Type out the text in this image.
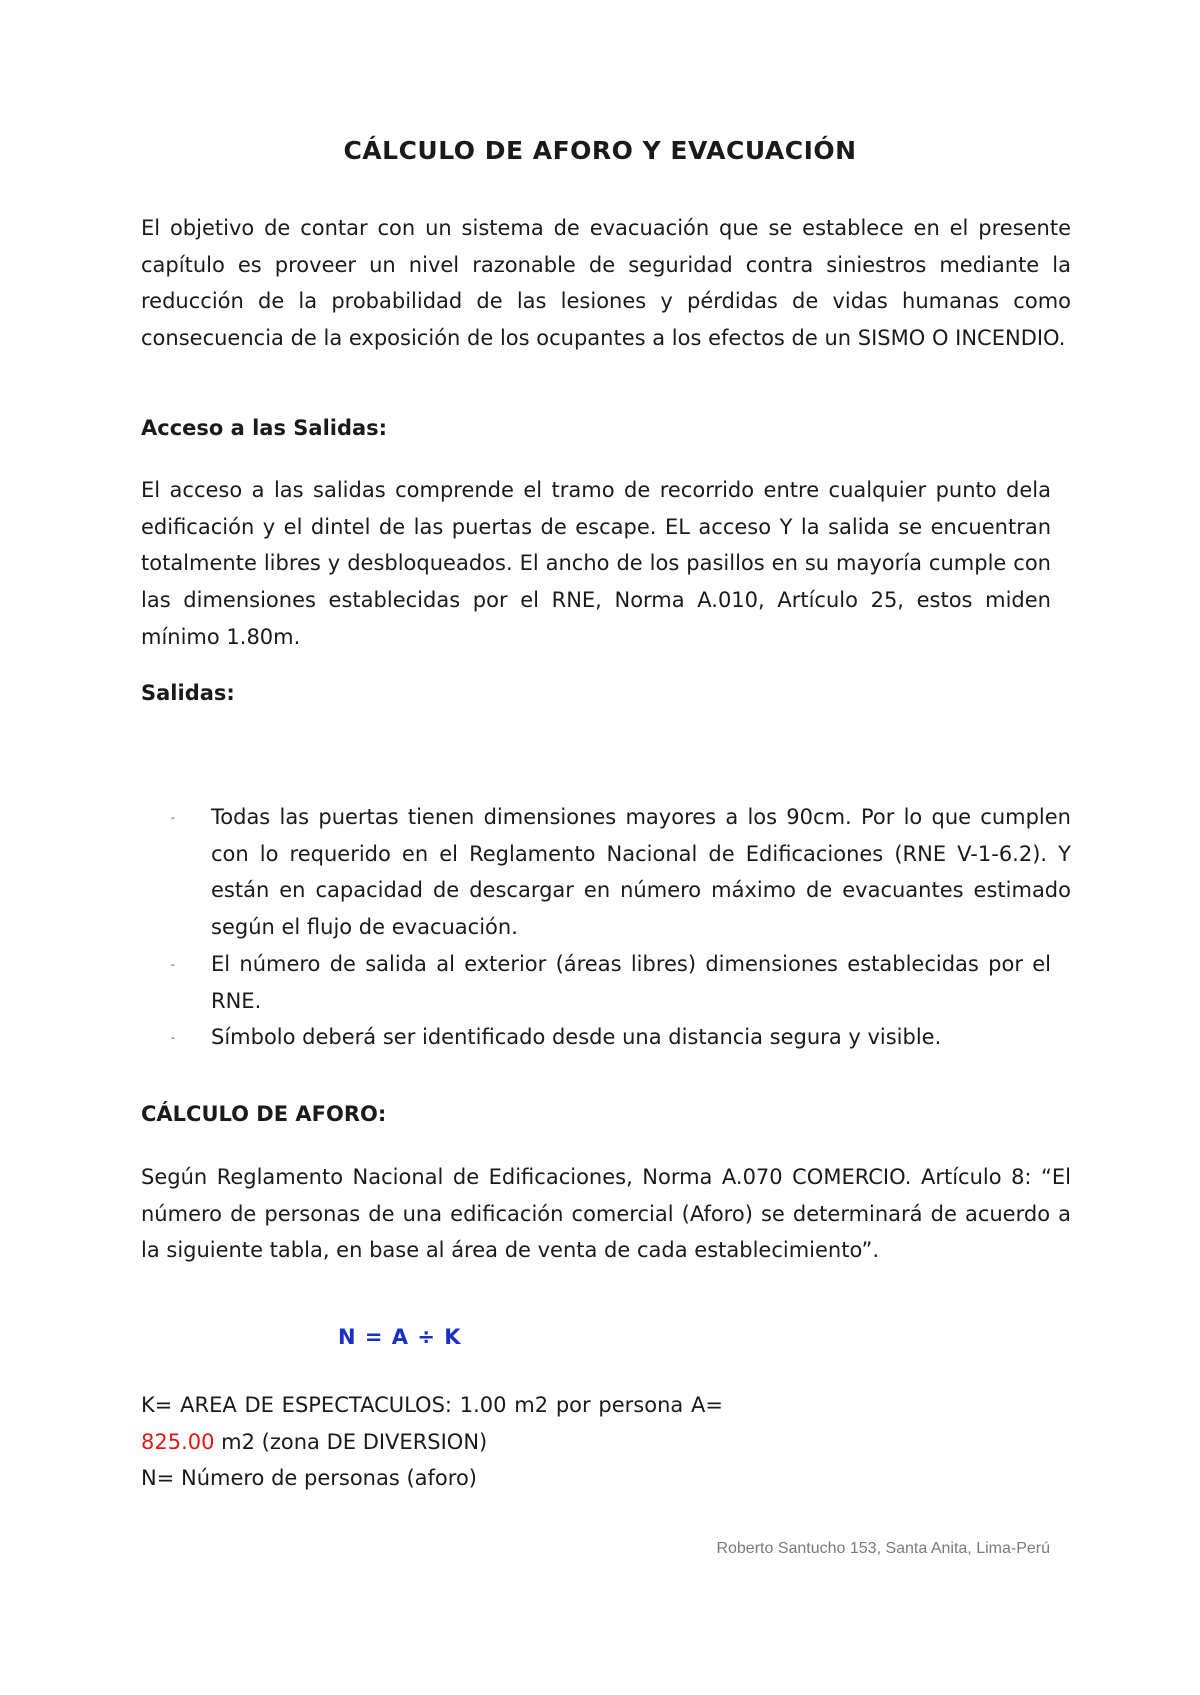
CÁLCULO DE AFORO Y EVACUACIÓN

El objetivo de contar con un sistema de evacuación que se establece en el presente capítulo es proveer un nivel razonable de seguridad contra siniestros mediante la reducción de la probabilidad de las lesiones y pérdidas de vidas humanas como consecuencia de la exposición de los ocupantes a los efectos de un SISMO O INCENDIO.

Acceso a las Salidas:

El acceso a las salidas comprende el tramo de recorrido entre cualquier punto dela edificación y el dintel de las puertas de escape. EL acceso Y la salida se encuentran totalmente libres y desbloqueados. El ancho de los pasillos en su mayoría cumple con las dimensiones establecidas por el RNE, Norma A.010, Artículo 25, estos miden mínimo 1.80m.

Salidas:
- Todas las puertas tienen dimensiones mayores a los 90cm. Por lo que cumplen con lo requerido en el Reglamento Nacional de Edificaciones (RNE V-1-6.2). Y están en capacidad de descargar en número máximo de evacuantes estimado según el flujo de evacuación.
- El número de salida al exterior (áreas libres) dimensiones establecidas por el RNE.
- Símbolo deberá ser identificado desde una distancia segura y visible.
CÁLCULO DE AFORO:

Según Reglamento Nacional de Edificaciones, Norma A.070 COMERCIO. Artículo 8: “El número de personas de una edificación comercial (Aforo) se determinará de acuerdo a la siguiente tabla, en base al área de venta de cada establecimiento”.

N = A ÷ K

K= AREA DE ESPECTACULOS: 1.00 m2 por persona A= 825.00 m2 (zona DE DIVERSION)
N= Número de personas (aforo)

Roberto Santucho 153, Santa Anita, Lima-Perú
